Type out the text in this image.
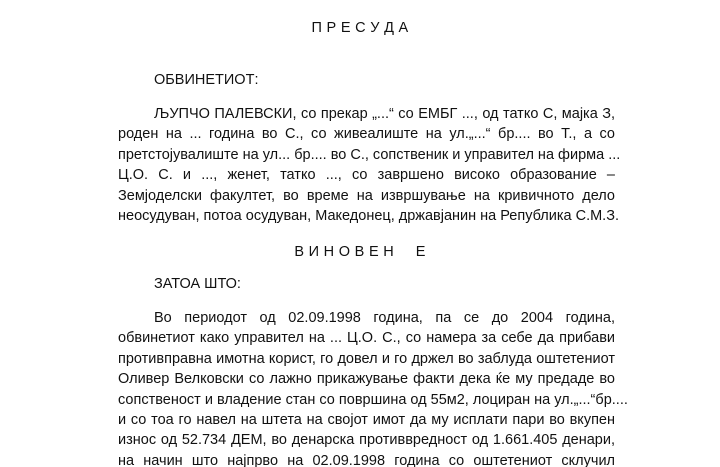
П Р Е С У Д А
ОБВИНЕТИОТ:
ЉУПЧО ПАЛЕВСКИ, со прекар „...“ со ЕМБГ ..., од татко С, мајка З,
роден на ... година во С., со живеалиште на ул.„...“ бр.... во Т., а со
претстојувалиште на ул... бр.... во С., сопственик и управител на фирма ...
Ц.О. С. и ..., женет, татко ..., со завршено високо образование –
Земјоделски факултет, во време на извршување на кривичното дело
неосудуван, потоа осудуван, Македонец, државјанин на Република С.М.З.
В И Н О В Е Н     Е
ЗАТОА ШТО:
Во периодот од 02.09.1998 година, па се до 2004 година,
обвинетиот како управител на ... Ц.О. С., со намера за себе да прибави
противправна имотна корист, го довел и го држел во заблуда оштетениот
Оливер Велковски со лажно прикажување факти дека ќе му предаде во
сопственост и владение стан со површина од 55м2, лоциран на ул.„...“бр....
и со тоа го навел на штета на својот имот да му исплати пари во вкупен
износ од 52.734 ДЕМ, во денарска противвредност од 1.661.405 денари,
на начин што најпрво на 02.09.1998 година со оштетениот склучил
